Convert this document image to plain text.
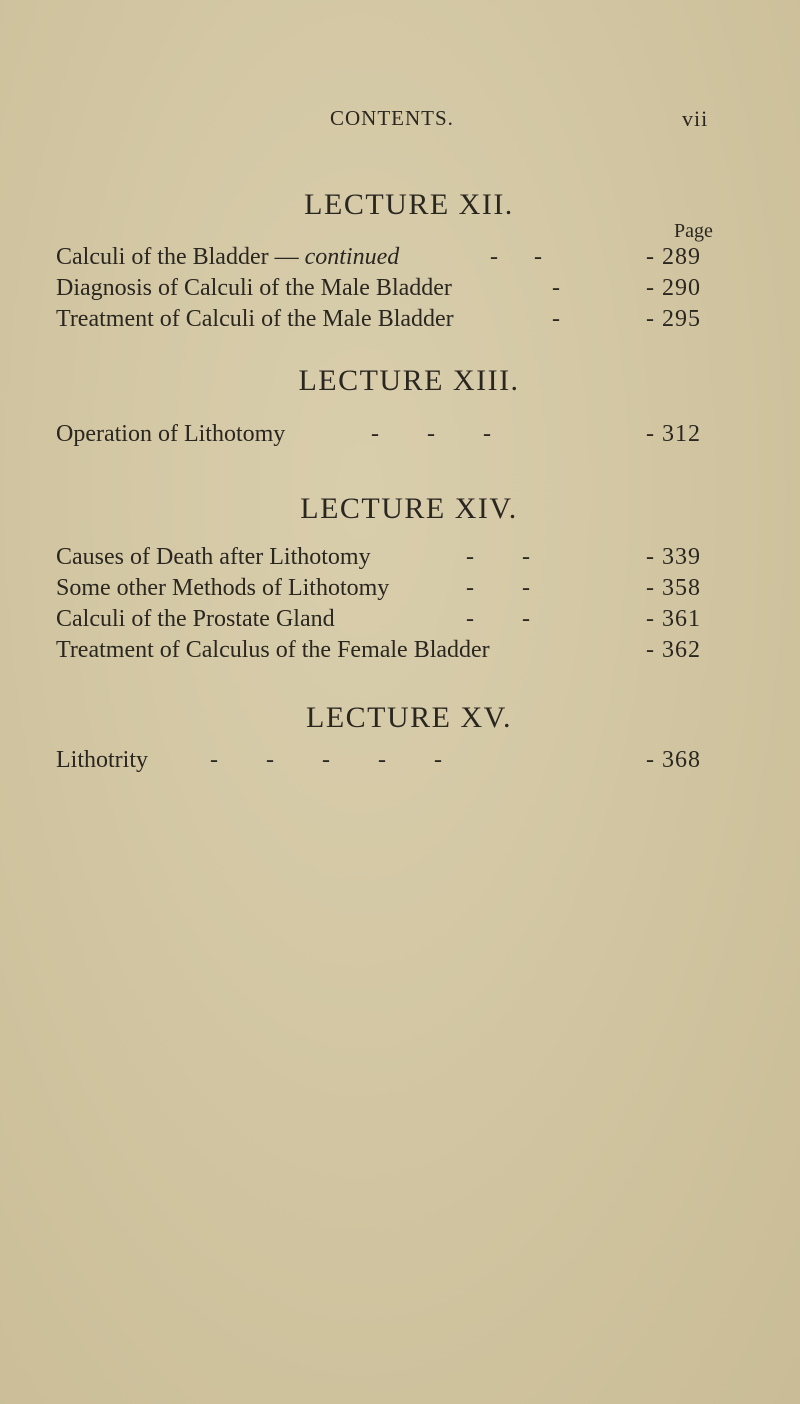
CONTENTS.	vii
LECTURE XII.
Page
Calculi of the Bladder — continued	-      -	- 289
Diagnosis of Calculi of the Male Bladder	-	- 290
Treatment of Calculi of the Male Bladder	-	- 295
LECTURE XIII.
Operation of Lithotomy	-        -        -	- 312
LECTURE XIV.
Causes of Death after Lithotomy	-        -	- 339
Some other Methods of Lithotomy	-        -	- 358
Calculi of the Prostate Gland	-        -	- 361
Treatment of Calculus of the Female Bladder	- 362
LECTURE XV.
Lithotrity	-        -        -        -        -	- 368
